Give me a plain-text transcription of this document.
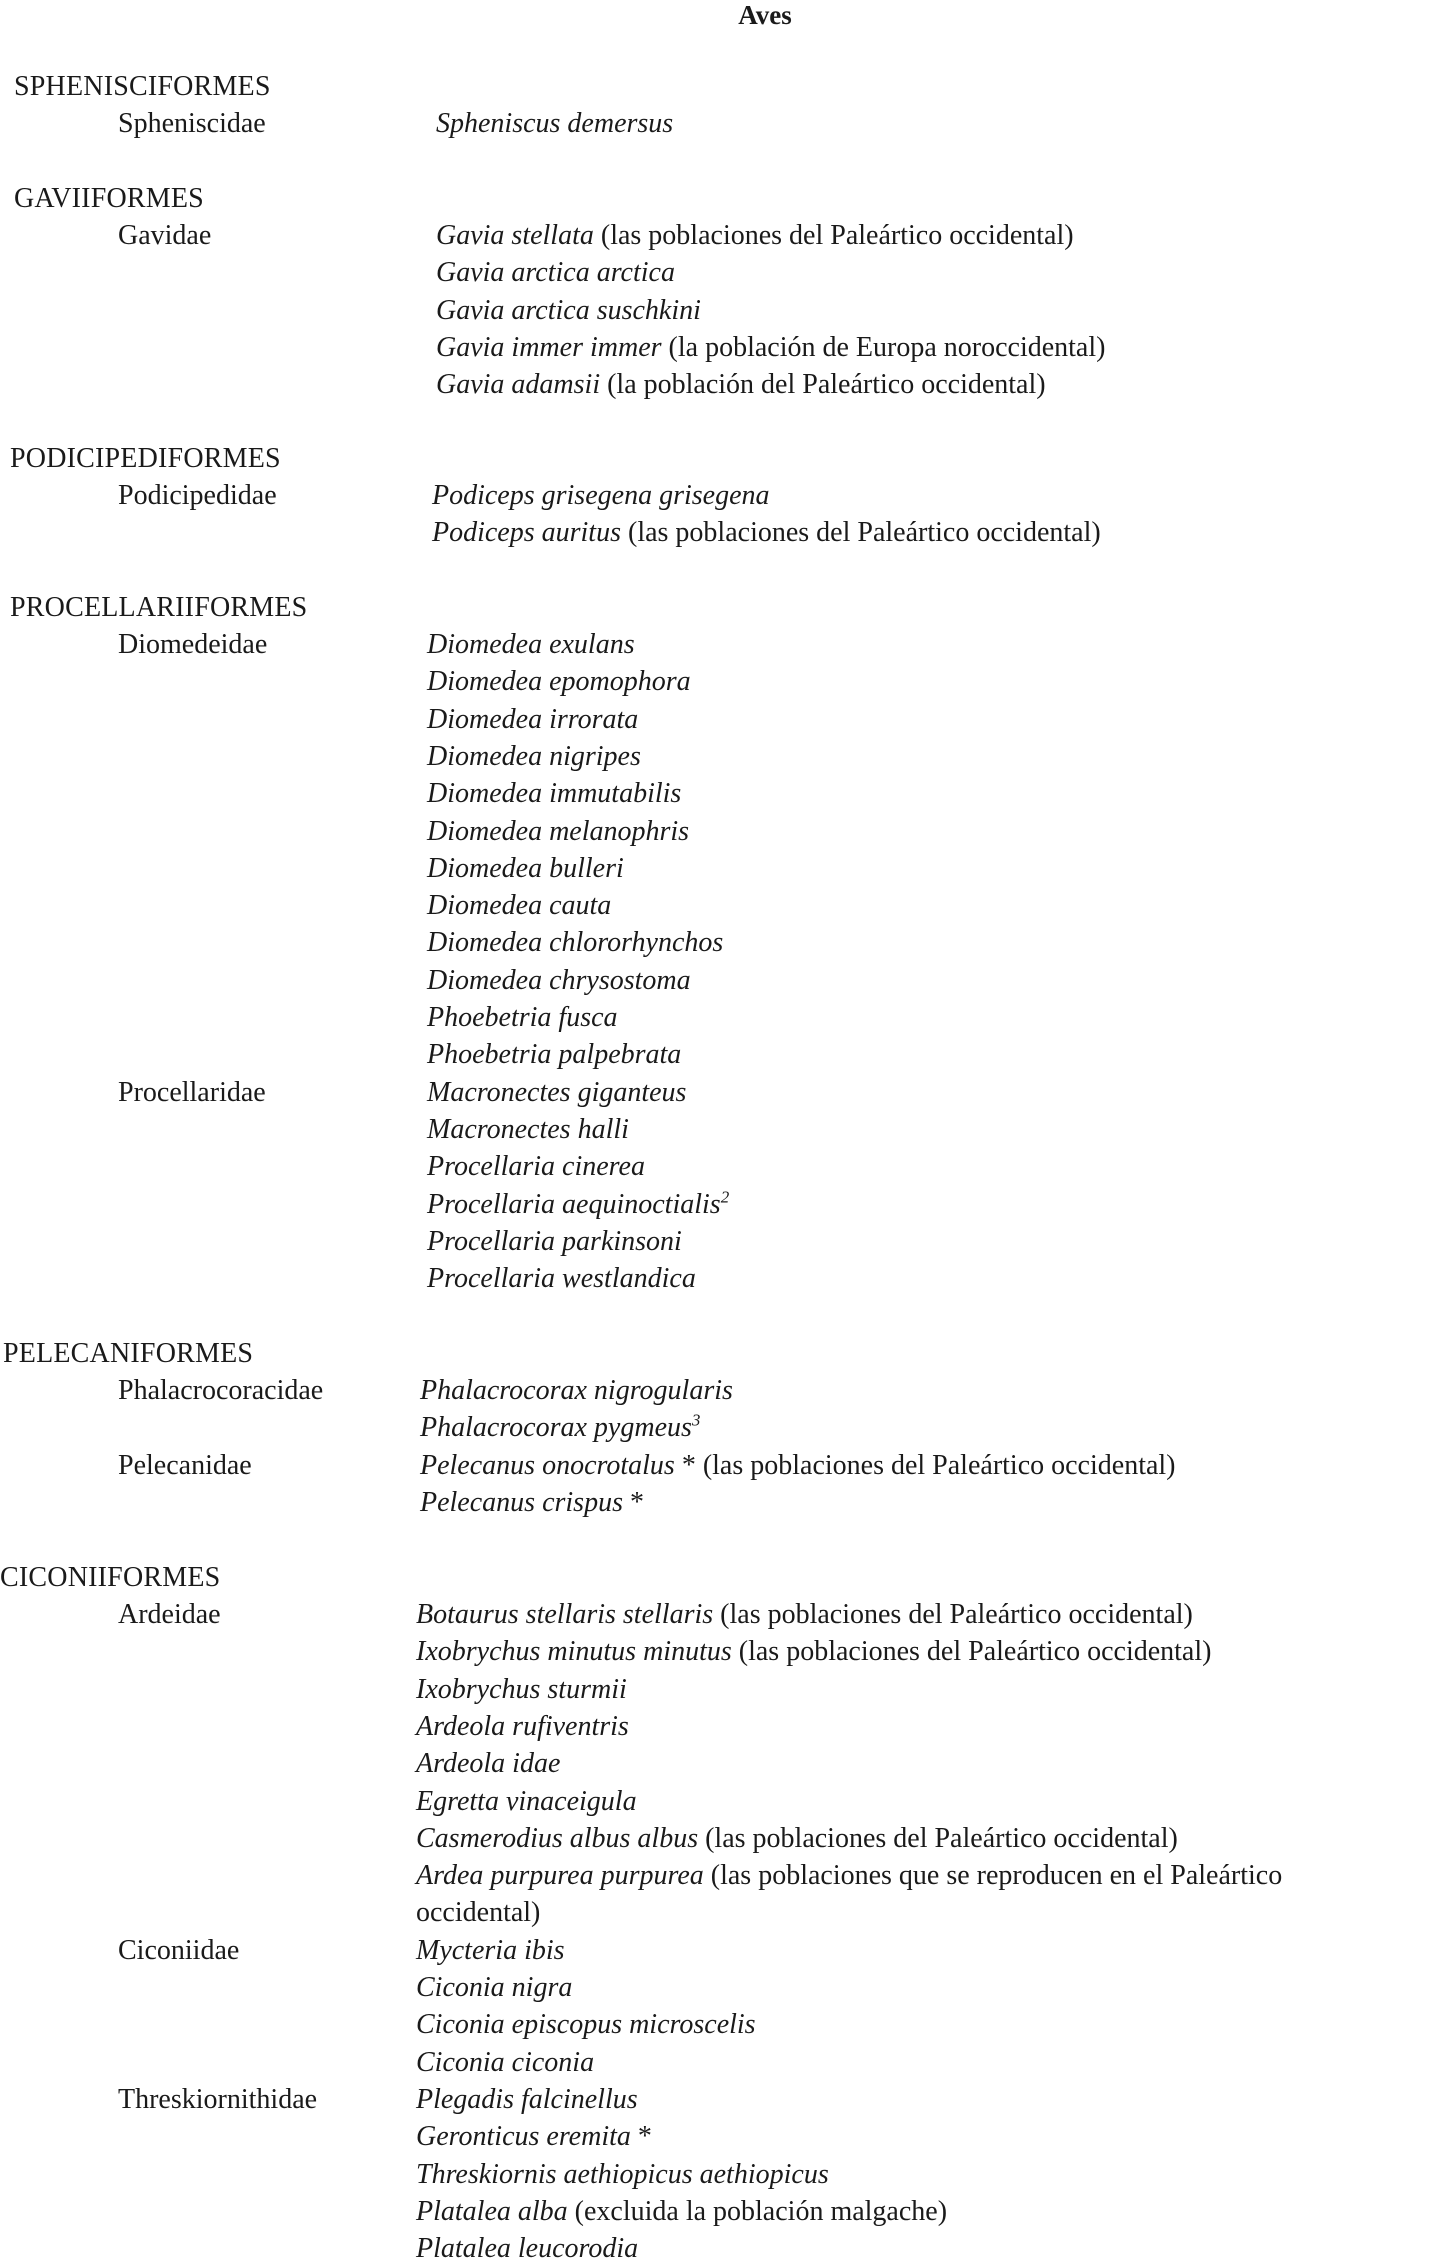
Aves
SPHENISCIFORMES
Spheniscidae	Spheniscus demersus
GAVIIFORMES
Gavidae	Gavia stellata (las poblaciones del Paleártico occidental)
Gavia arctica arctica
Gavia arctica suschkini
Gavia immer immer (la población de Europa noroccidental)
Gavia adamsii (la población del Paleártico occidental)
PODICIPEDIFORMES
Podicipedidae	Podiceps grisegena grisegena
Podiceps auritus (las poblaciones del Paleártico occidental)
PROCELLARIIFORMES
Diomedeidae	Diomedea exulans
Diomedea epomophora
Diomedea irrorata
Diomedea nigripes
Diomedea immutabilis
Diomedea melanophris
Diomedea bulleri
Diomedea cauta
Diomedea chlororhynchos
Diomedea chrysostoma
Phoebetria fusca
Phoebetria palpebrata
Procellaridae	Macronectes giganteus
Macronectes halli
Procellaria cinerea
Procellaria aequinoctialis$^2$
Procellaria parkinsoni
Procellaria westlandica
PELECANIFORMES
Phalacrocoracidae	Phalacrocorax nigrogularis
Phalacrocorax pygmeus$^3$
Pelecanidae	Pelecanus onocrotalus * (las poblaciones del Paleártico occidental)
Pelecanus crispus *
CICONIIFORMES
Ardeidae	Botaurus stellaris stellaris (las poblaciones del Paleártico occidental)
Ixobrychus minutus minutus (las poblaciones del Paleártico occidental)
Ixobrychus sturmii
Ardeola rufiventris
Ardeola idae
Egretta vinaceigula
Casmerodius albus albus (las poblaciones del Paleártico occidental)
Ardea purpurea purpurea (las poblaciones que se reproducen en el Paleártico
occidental)
Ciconiidae	Mycteria ibis
Ciconia nigra
Ciconia episcopus microscelis
Ciconia ciconia
Threskiornithidae	Plegadis falcinellus
Geronticus eremita *
Threskiornis aethiopicus aethiopicus
Platalea alba (excluida la población malgache)
Platalea leucorodia
